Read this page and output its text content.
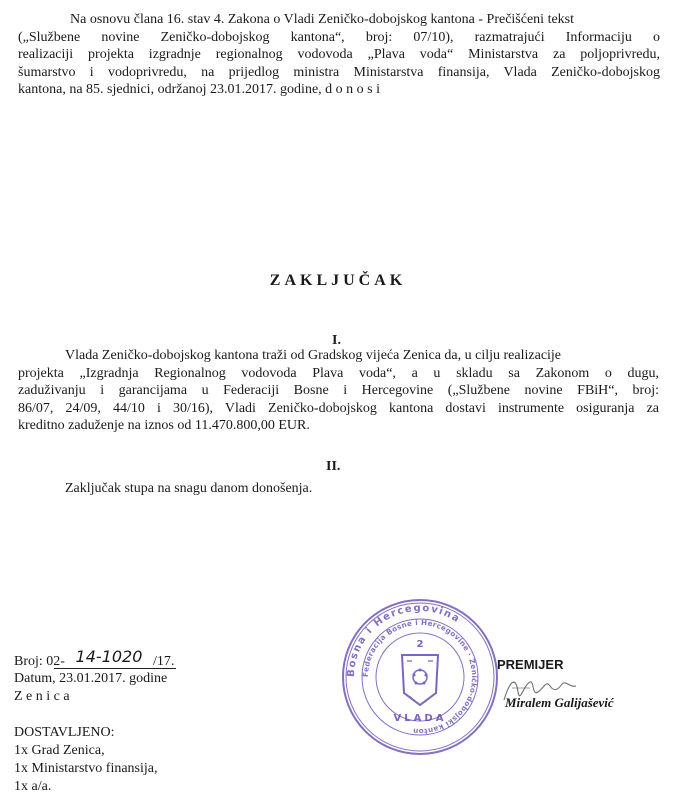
Na osnovu člana 16. stav 4. Zakona o Vladi Zeničko-dobojskog kantona - Prečišćeni tekst
(„Službene novine Zeničko-dobojskog kantona“, broj: 07/10), razmatrajući Informaciju o
realizaciji projekta izgradnje regionalnog vodovoda „Plava voda“ Ministarstva za poljoprivredu,
šumarstvo i vodoprivredu, na prijedlog ministra Ministarstva finansija, Vlada Zeničko-dobojskog
kantona, na 85. sjednici, održanoj 23.01.2017. godine, d o n o s i
ZAKLJUČAK
I.
Vlada Zeničko-dobojskog kantona traži od Gradskog vijeća Zenica da, u cilju realizacije
projekta „Izgradnja Regionalnog vodovoda Plava voda“, a u skladu sa Zakonom o dugu,
zaduživanju i garancijama u Federaciji Bosne i Hercegovine („Službene novine FBiH“, broj:
86/07, 24/09, 44/10 i 30/16), Vladi Zeničko-dobojskog kantona dostavi instrumente osiguranja za
kreditno zaduženje na iznos od 11.470.800,00 EUR.
II.
Zaključak stupa na snagu danom donošenja.
Broj: 02- 14-1020 /17.
Datum, 23.01.2017. godine
Z e n i c a
DOSTAVLJENO:
1x Grad Zenica,
1x Ministarstvo finansija,
1x a/a.
Bosna i Hercegovina
Federacija Bosne i Hercegovine · Zeničko-dobojski kanton
2
VLADA
PREMIJER
Miralem Galijašević
